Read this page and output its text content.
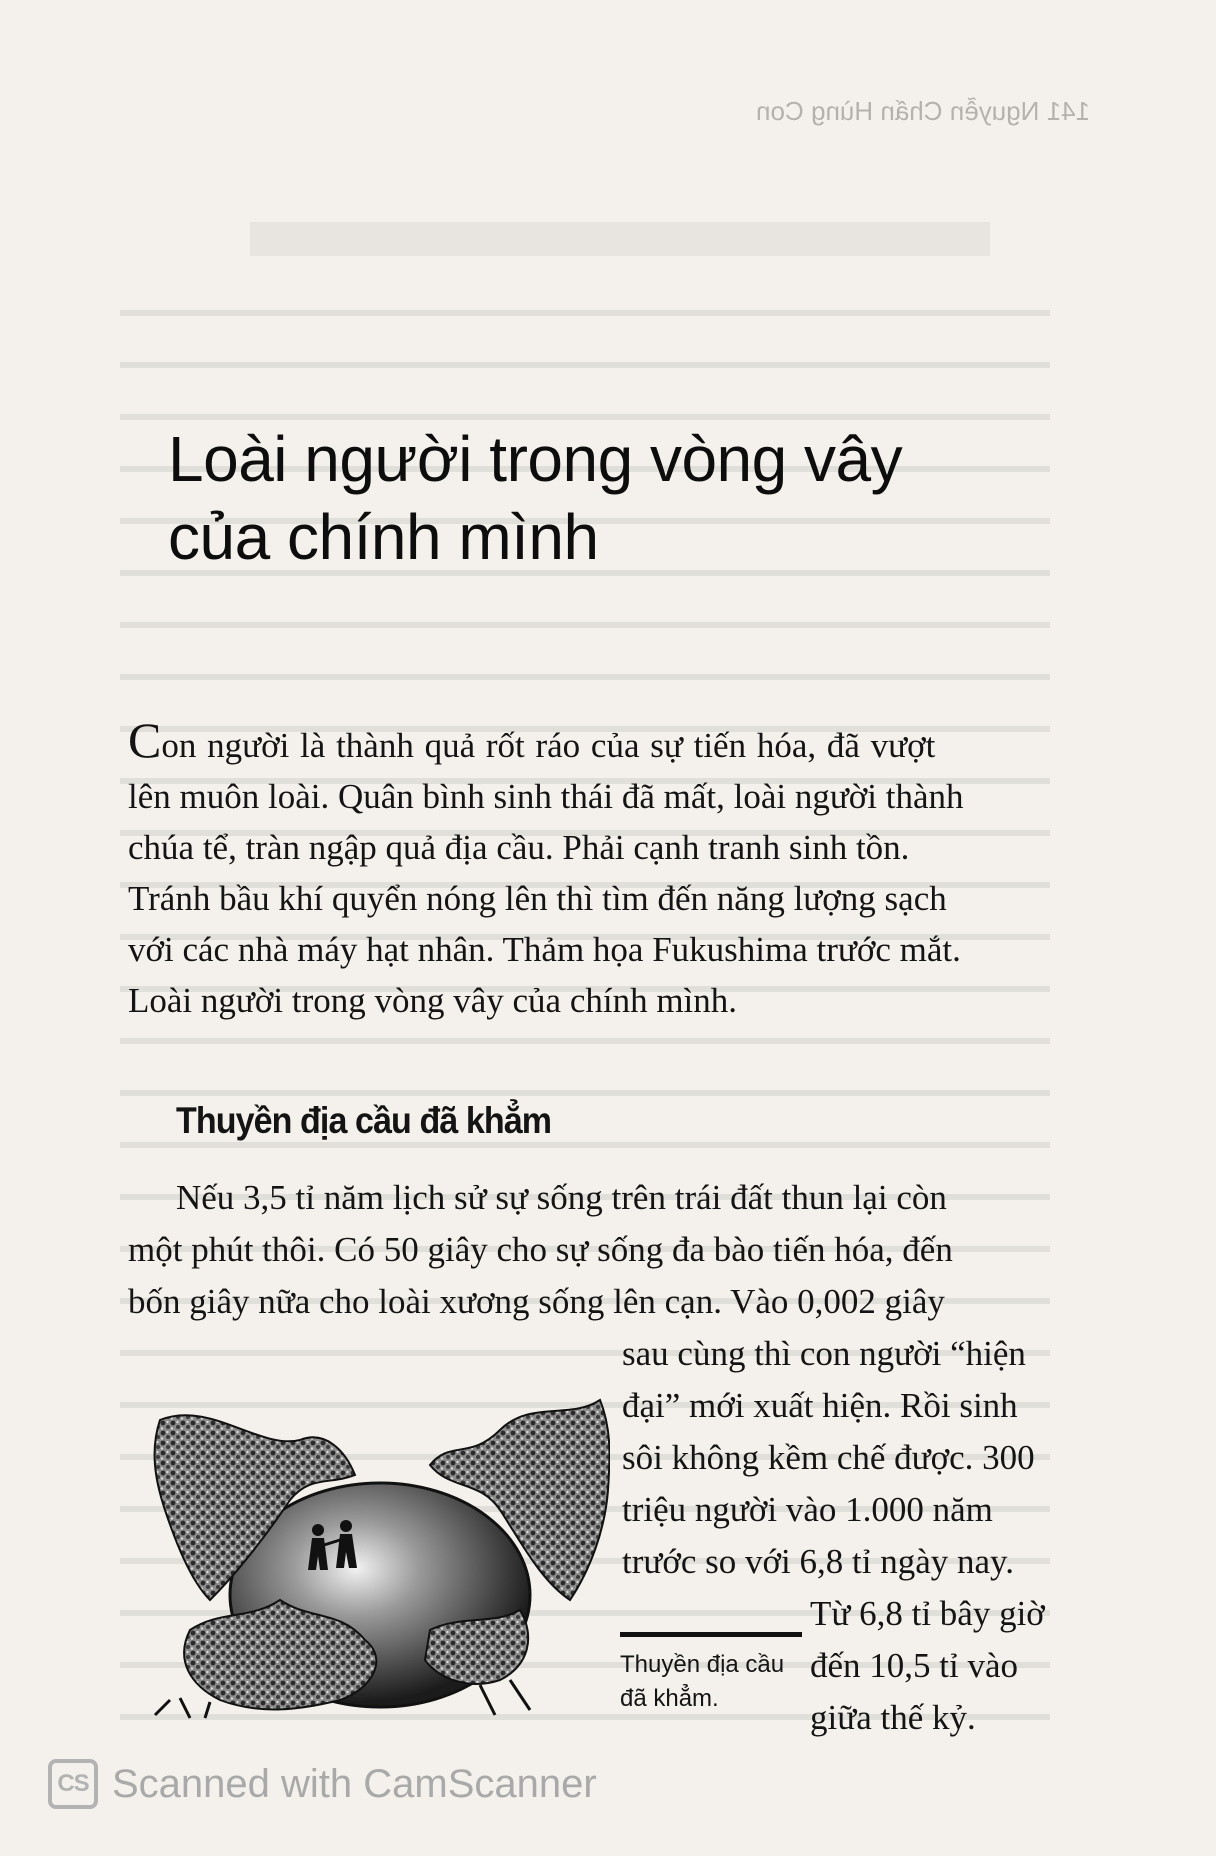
141 Nguyễn Chấn Hùng Con
Loài người trong vòng vây
của chính mình
Con người là thành quả rốt ráo của sự tiến hóa, đã vượt
lên muôn loài. Quân bình sinh thái đã mất, loài người thành
chúa tể, tràn ngập quả địa cầu. Phải cạnh tranh sinh tồn.
Tránh bầu khí quyển nóng lên thì tìm đến năng lượng sạch
với các nhà máy hạt nhân. Thảm họa Fukushima trước mắt.
Loài người trong vòng vây của chính mình.
Thuyền địa cầu đã khẳm
Nếu 3,5 tỉ năm lịch sử sự sống trên trái đất thun lại còn
một phút thôi. Có 50 giây cho sự sống đa bào tiến hóa, đến
bốn giây nữa cho loài xương sống lên cạn. Vào 0,002 giây
sau cùng thì con người “hiện
đại” mới xuất hiện. Rồi sinh
sôi không kềm chế được. 300
triệu người vào 1.000 năm
trước so với 6,8 tỉ ngày nay.
Từ 6,8 tỉ bây giờ
đến 10,5 tỉ vào
giữa thế kỷ.
Thuyền địa cầu
đã khẳm.
CS Scanned with CamScanner
